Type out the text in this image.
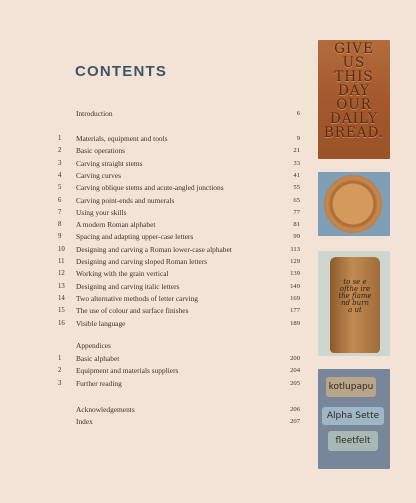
CONTENTS
Introduction	6
1	Materials, equipment and tools	9
2	Basic operations	21
3	Carving straight stems	33
4	Carving curves	41
5	Carving oblique stems and acute-angled junctions	55
6	Carving point-ends and numerals	65
7	Using your skills	77
8	A modern Roman alphabet	81
9	Spacing and adapting upper-case letters	99
10	Designing and carving a Roman lower-case alphabet	113
11	Designing and carving sloped Roman letters	129
12	Working with the grain vertical	139
13	Designing and carving italic letters	149
14	Two alternative methods of letter carving	169
15	The use of colour and surface finishes	177
16	Visible language	189
Appendices
1	Basic alphabet	200
2	Equipment and materials suppliers	204
3	Further reading	205
Acknowledgements	206
Index	207
GIVE
US
THIS
DAY
OUR
DAILY
BREAD.
to se e
ofthe ire
the flame
nd burn
a ut
kotlupapu
Alpha Sette
fleetfelt
